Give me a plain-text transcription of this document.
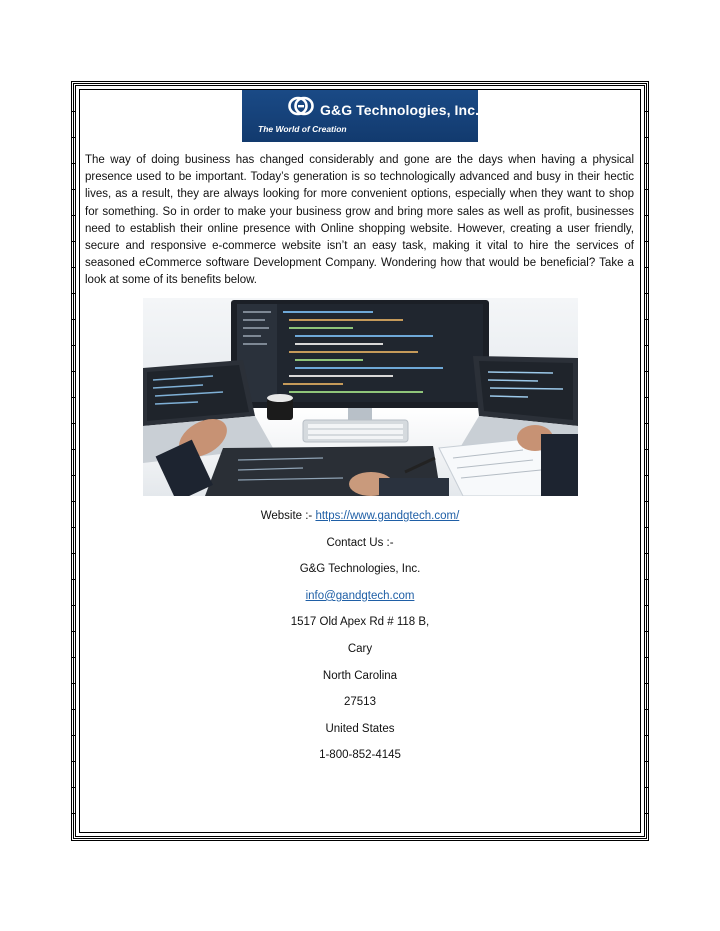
G&G Technologies, Inc.
The World of Creation

The way of doing business has changed considerably and gone are the days when having a physical presence used to be important. Today’s generation is so technologically advanced and busy in their hectic lives, as a result, they are always looking for more convenient options, especially when they want to shop for something. So in order to make your business grow and bring more sales as well as profit, businesses need to establish their online presence with Online shopping website. However, creating a user friendly, secure and responsive e-commerce website isn’t an easy task, making it vital to hire the services of seasoned eCommerce software Development Company. Wondering how that would be beneficial? Take a look at some of its benefits below.

Website :- https://www.gandgtech.com/
Contact Us :-
G&G Technologies, Inc.
info@gandgtech.com
1517 Old Apex Rd # 118 B,
Cary
North Carolina
27513
United States
1-800-852-4145
